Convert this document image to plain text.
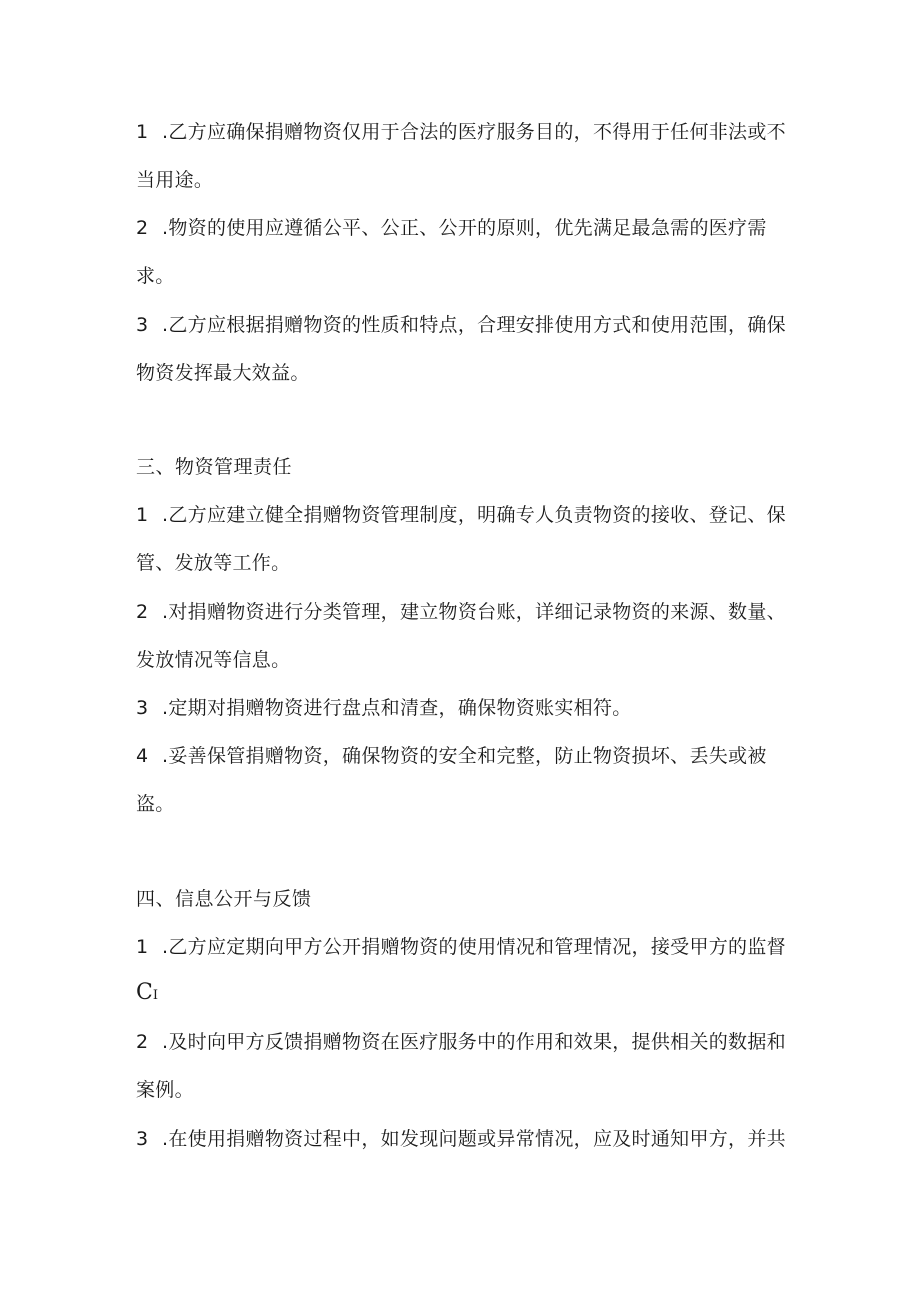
1 .乙方应确保捐赠物资仅用于合法的医疗服务目的，不得用于任何非法或不
当用途。
2 .物资的使用应遵循公平、公正、公开的原则，优先满足最急需的医疗需
求。
3 .乙方应根据捐赠物资的性质和特点，合理安排使用方式和使用范围，确保
物资发挥最大效益。
三、物资管理责任
1 .乙方应建立健全捐赠物资管理制度，明确专人负责物资的接收、登记、保
管、发放等工作。
2 .对捐赠物资进行分类管理，建立物资台账，详细记录物资的来源、数量、
发放情况等信息。
3 .定期对捐赠物资进行盘点和清查，确保物资账实相符。
4 .妥善保管捐赠物资，确保物资的安全和完整，防止物资损坏、丢失或被
盗。
四、信息公开与反馈
1 .乙方应定期向甲方公开捐赠物资的使用情况和管理情况，接受甲方的监督
CI
2 .及时向甲方反馈捐赠物资在医疗服务中的作用和效果，提供相关的数据和
案例。
3 .在使用捐赠物资过程中，如发现问题或异常情况，应及时通知甲方，并共
